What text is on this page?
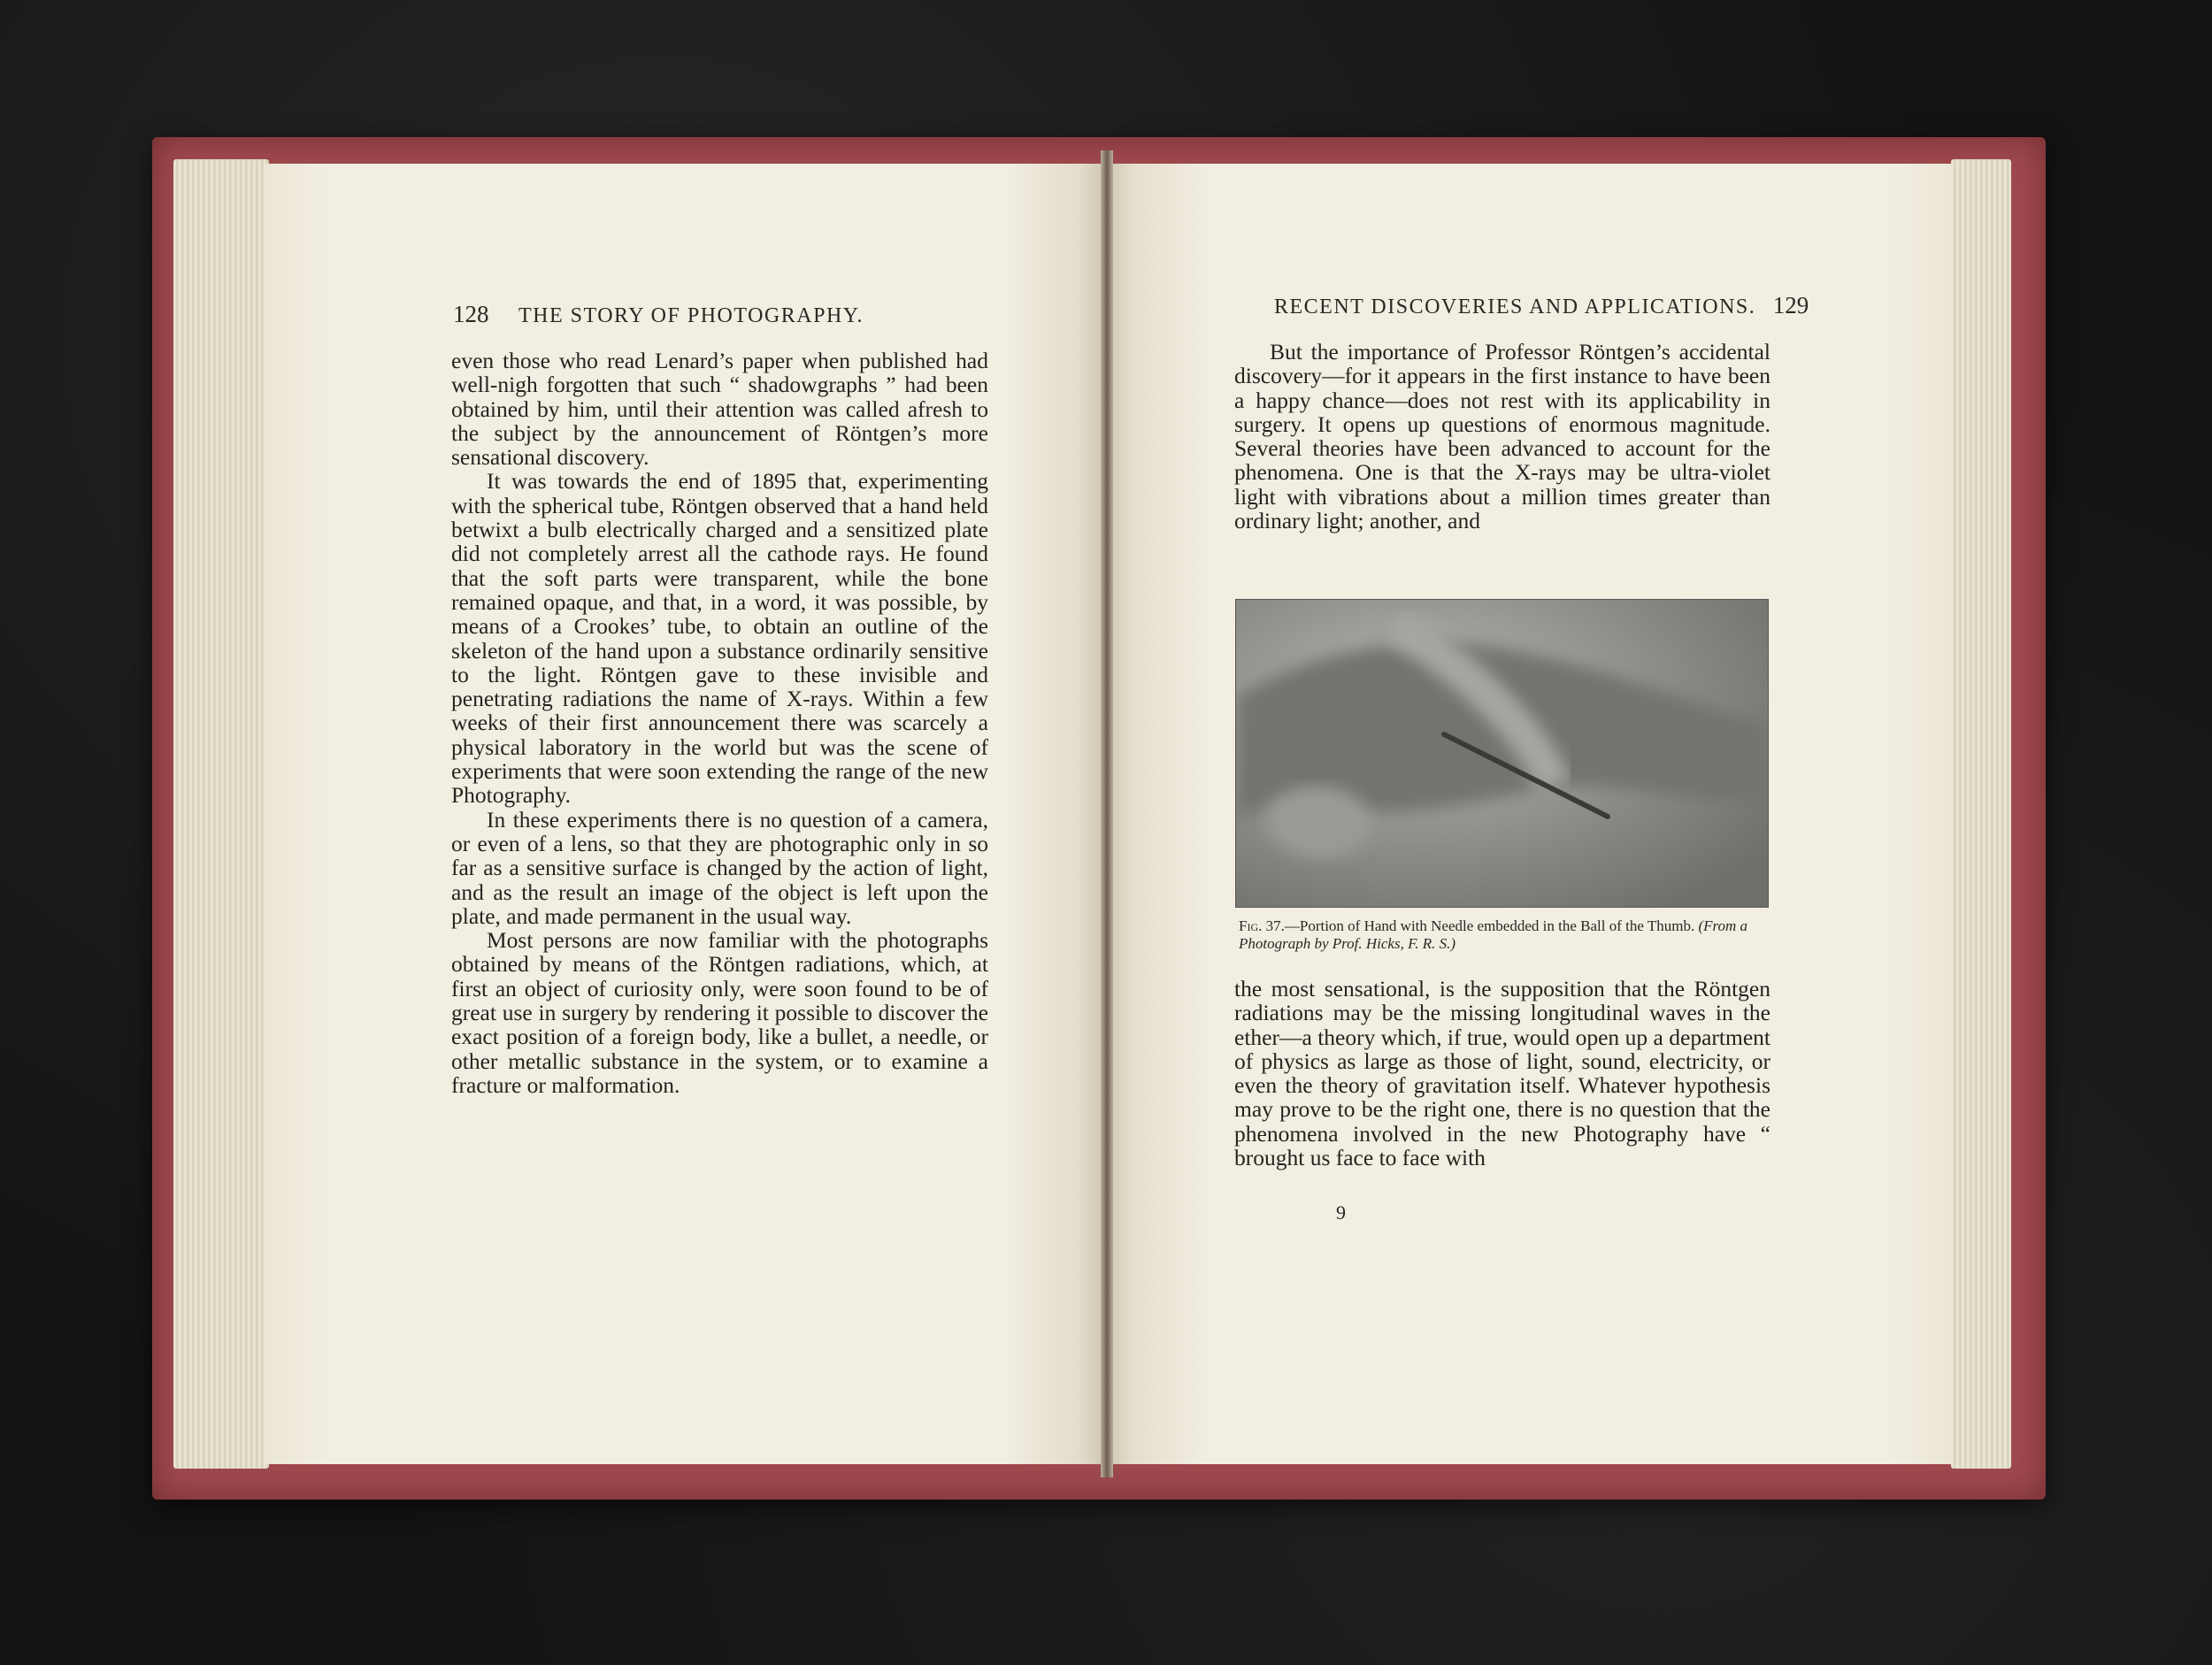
128 THE STORY OF PHOTOGRAPHY.

even those who read Lenard’s paper when published had well-nigh forgotten that such “ shadowgraphs ” had been obtained by him, until their attention was called afresh to the subject by the announcement of Röntgen’s more sensational discovery.

It was towards the end of 1895 that, experimenting with the spherical tube, Röntgen observed that a hand held betwixt a bulb electrically charged and a sensitized plate did not completely arrest all the cathode rays. He found that the soft parts were transparent, while the bone remained opaque, and that, in a word, it was possible, by means of a Crookes’ tube, to obtain an outline of the skeleton of the hand upon a substance ordinarily sensitive to the light. Röntgen gave to these invisible and penetrating radiations the name of X-rays. Within a few weeks of their first announcement there was scarcely a physical laboratory in the world but was the scene of experiments that were soon extending the range of the new Photography.

In these experiments there is no question of a camera, or even of a lens, so that they are photographic only in so far as a sensitive surface is changed by the action of light, and as the result an image of the object is left upon the plate, and made permanent in the usual way.

Most persons are now familiar with the photographs obtained by means of the Röntgen radiations, which, at first an object of curiosity only, were soon found to be of great use in surgery by rendering it possible to discover the exact position of a foreign body, like a bullet, a needle, or other metallic substance in the system, or to examine a fracture or malformation.

RECENT DISCOVERIES AND APPLICATIONS. 129

But the importance of Professor Röntgen’s accidental discovery—for it appears in the first instance to have been a happy chance—does not rest with its applicability in surgery. It opens up questions of enormous magnitude. Several theories have been advanced to account for the phenomena. One is that the X-rays may be ultra-violet light with vibrations about a million times greater than ordinary light; another, and

Fig. 37.—Portion of Hand with Needle embedded in the Ball of the Thumb. (From a Photograph by Prof. Hicks, F. R. S.)

the most sensational, is the supposition that the Röntgen radiations may be the missing longitudinal waves in the ether—a theory which, if true, would open up a department of physics as large as those of light, sound, electricity, or even the theory of gravitation itself. Whatever hypothesis may prove to be the right one, there is no question that the phenomena involved in the new Photography have “ brought us face to face with

9
